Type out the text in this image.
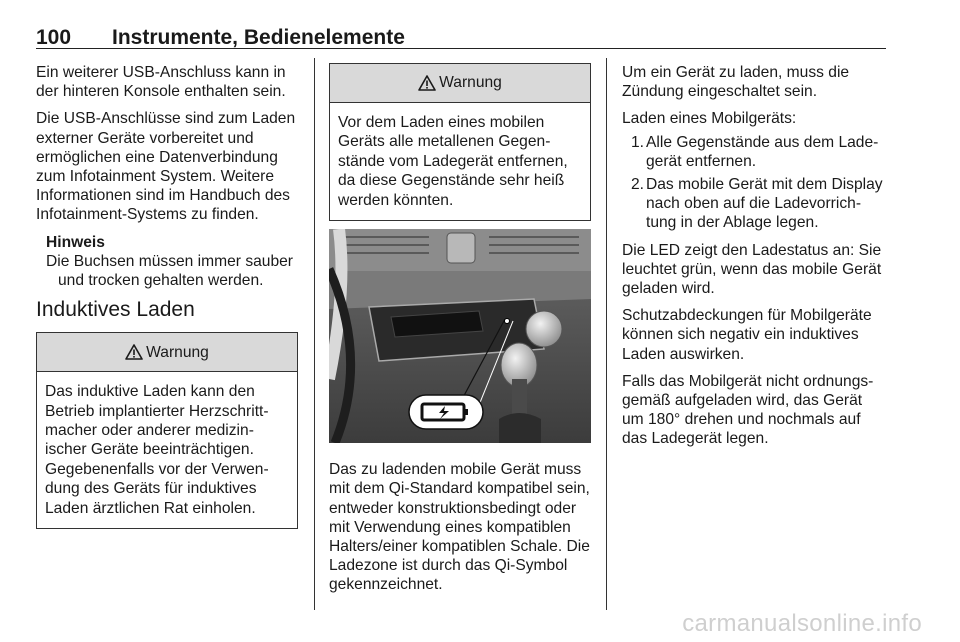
100 Instrumente, Bedienelemente

Ein weiterer USB-Anschluss kann in der hinteren Konsole enthalten sein.

Die USB-Anschlüsse sind zum Laden externer Geräte vorbereitet und ermöglichen eine Datenverbindung zum Infotainment System. Weitere Informationen sind im Handbuch des Infotainment-Systems zu finden.

Hinweis
Die Buchsen müssen immer sauber
und trocken gehalten werden.
Induktives Laden
Warnung
Das induktive Laden kann den Betrieb implantierter Herzschrittmacher oder anderer medizinischer Geräte beeinträchtigen. Gegebenenfalls vor der Verwendung des Geräts für induktives Laden ärztlichen Rat einholen.
Warnung
Vor dem Laden eines mobilen Geräts alle metallenen Gegenstände vom Ladegerät entfernen, da diese Gegenstände sehr heiß werden könnten.

Das zu ladenden mobile Gerät muss mit dem Qi-Standard kompatibel sein, entweder konstruktionsbedingt oder mit Verwendung eines kompatiblen Halters/einer kompatiblen Schale. Die Ladezone ist durch das Qi-Symbol gekennzeichnet.

Um ein Gerät zu laden, muss die Zündung eingeschaltet sein.

Laden eines Mobilgeräts:

1. Alle Gegenstände aus dem Ladegerät entfernen.
2. Das mobile Gerät mit dem Display nach oben auf die Ladevorrichtung in der Ablage legen.

Die LED zeigt den Ladestatus an: Sie leuchtet grün, wenn das mobile Gerät geladen wird.

Schutzabdeckungen für Mobilgeräte können sich negativ ein induktives Laden auswirken.

Falls das Mobilgerät nicht ordnungsgemäß aufgeladen wird, das Gerät um 180° drehen und nochmals auf das Ladegerät legen.

carmanualsonline.info
